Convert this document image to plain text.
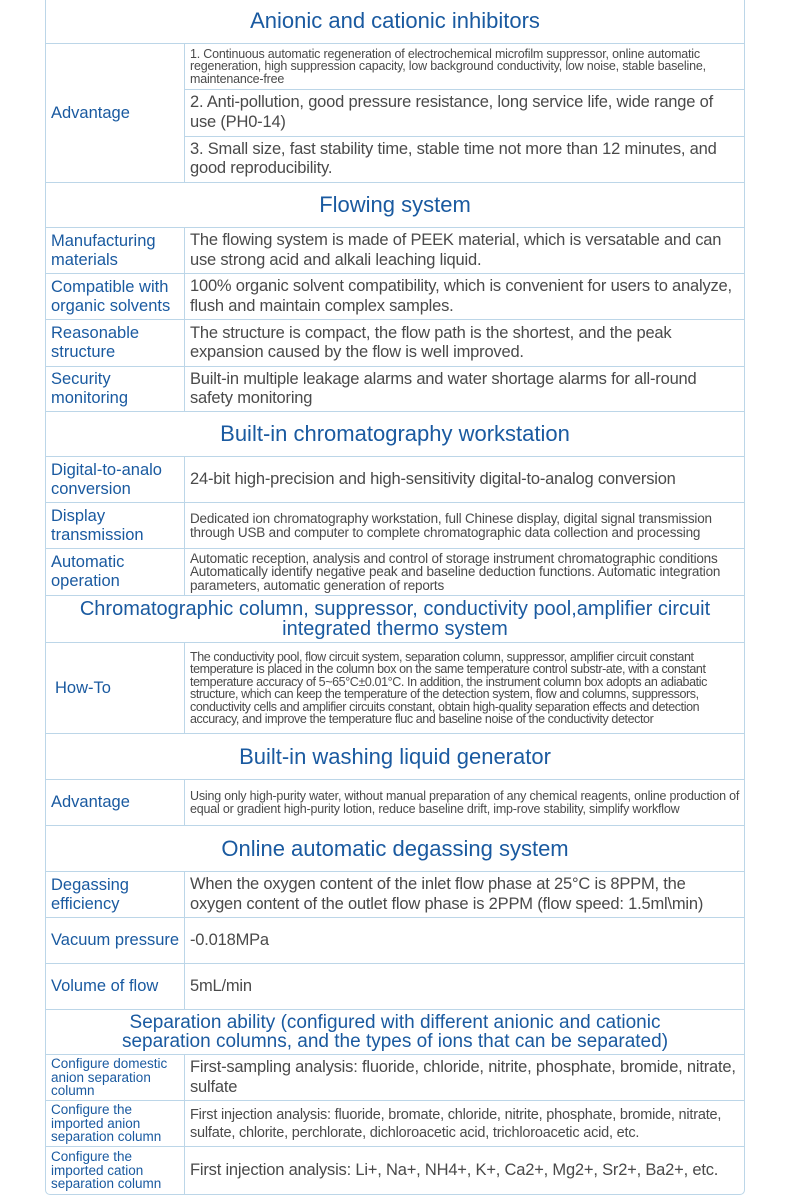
Anionic and cationic inhibitors
Advantage
1. Continuous automatic regeneration of electrochemical microfilm suppressor, online automatic regeneration, high suppression capacity, low background conductivity, low noise, stable baseline, maintenance-free
2. Anti-pollution, good pressure resistance, long service life, wide range of use (PH0-14)
3. Small size, fast stability time, stable time not more than 12 minutes, and good reproducibility.
Flowing system
Manufacturing materials
The flowing system is made of PEEK material, which is versatable and can use strong acid and alkali leaching liquid.
Compatible with organic solvents
100% organic solvent compatibility, which is convenient for users to analyze, flush and maintain complex samples.
Reasonable structure
The structure is compact, the flow path is the shortest, and the peak expansion caused by the flow is well improved.
Security monitoring
Built-in multiple leakage alarms and water shortage alarms for all-round safety monitoring
Built-in chromatography workstation
Digital-to-analo conversion
24-bit high-precision and high-sensitivity digital-to-analog conversion
Display transmission
Dedicated ion chromatography workstation, full Chinese display, digital signal transmission through USB and computer to complete chromatographic data collection and processing
Automatic operation
Automatic reception, analysis and control of storage instrument chromatographic conditions Automatically identify negative peak and baseline deduction functions. Automatic integration parameters, automatic generation of reports
Chromatographic column, suppressor, conductivity pool,amplifier circuit integrated thermo system
How-To
The conductivity pool, flow circuit system, separation column, suppressor, amplifier circuit constant temperature is placed in the column box on the same temperature control substr-ate, with a constant temperature accuracy of 5~65°C±0.01°C. In addition, the instrument column box adopts an adiabatic structure, which can keep the temperature of the detection system, flow and columns, suppressors, conductivity cells and amplifier circuits constant, obtain high-quality separation effects and detection accuracy, and improve the temperature fluc and baseline noise of the conductivity detector
Built-in washing liquid generator
Advantage	Using only high-purity water, without manual preparation of any chemical reagents, online production of equal or gradient high-purity lotion, reduce baseline drift, imp-rove stability, simplify workflow
Online automatic degassing system
Degassing efficiency
When the oxygen content of the inlet flow phase at 25°C is 8PPM, the oxygen content of the outlet flow phase is 2PPM (flow speed: 1.5ml\min)
Vacuum pressure -0.018MPa
Volume of flow	5mL/min
Separation ability (configured with different anionic and cationic separation columns, and the types of ions that can be separated)
Configure domestic anion separation column
First-sampling analysis: fluoride, chloride, nitrite, phosphate, bromide, nitrate, sulfate
Configure the imported anion separation column
First injection analysis: fluoride, bromate, chloride, nitrite, phosphate, bromide, nitrate, sulfate, chlorite, perchlorate, dichloroacetic acid, trichloroacetic acid, etc.
Configure the imported cation separation column
First injection analysis: Li+, Na+, NH4+, K+, Ca2+, Mg2+, Sr2+, Ba2+, etc.
